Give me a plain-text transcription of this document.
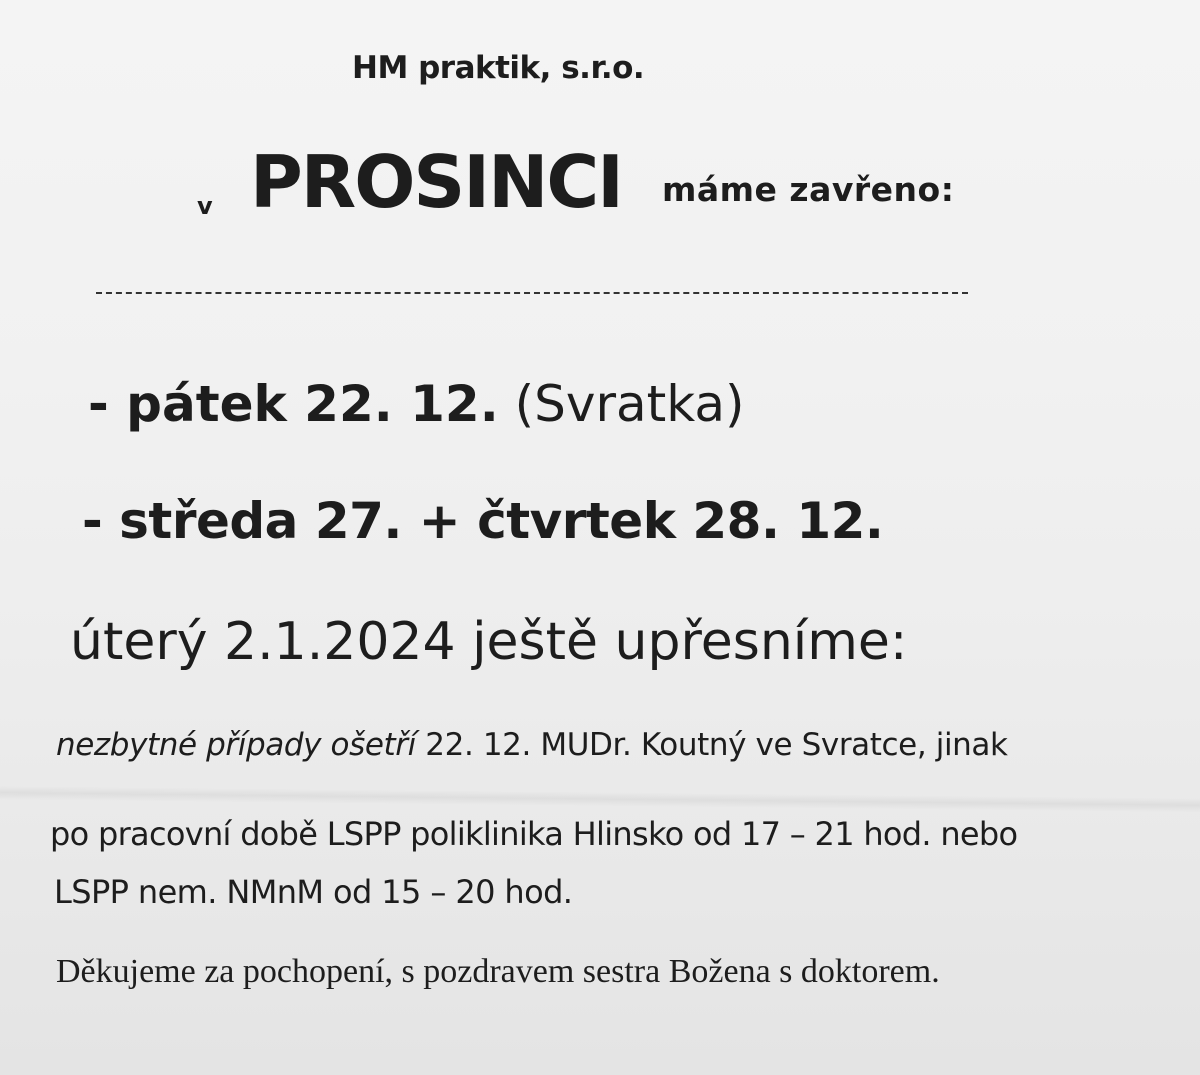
HM praktik, s.r.o.
v PROSINCI máme zavřeno:
- pátek 22. 12. (Svratka)
- středa 27. + čtvrtek 28. 12.
úterý 2.1.2024 ještě upřesníme:
nezbytné případy ošetří 22. 12. MUDr. Koutný ve Svratce, jinak
po pracovní době LSPP poliklinika Hlinsko od 17 – 21 hod. nebo
LSPP nem. NMnM od 15 – 20 hod.
Děkujeme za pochopení, s pozdravem sestra Božena s doktorem.
